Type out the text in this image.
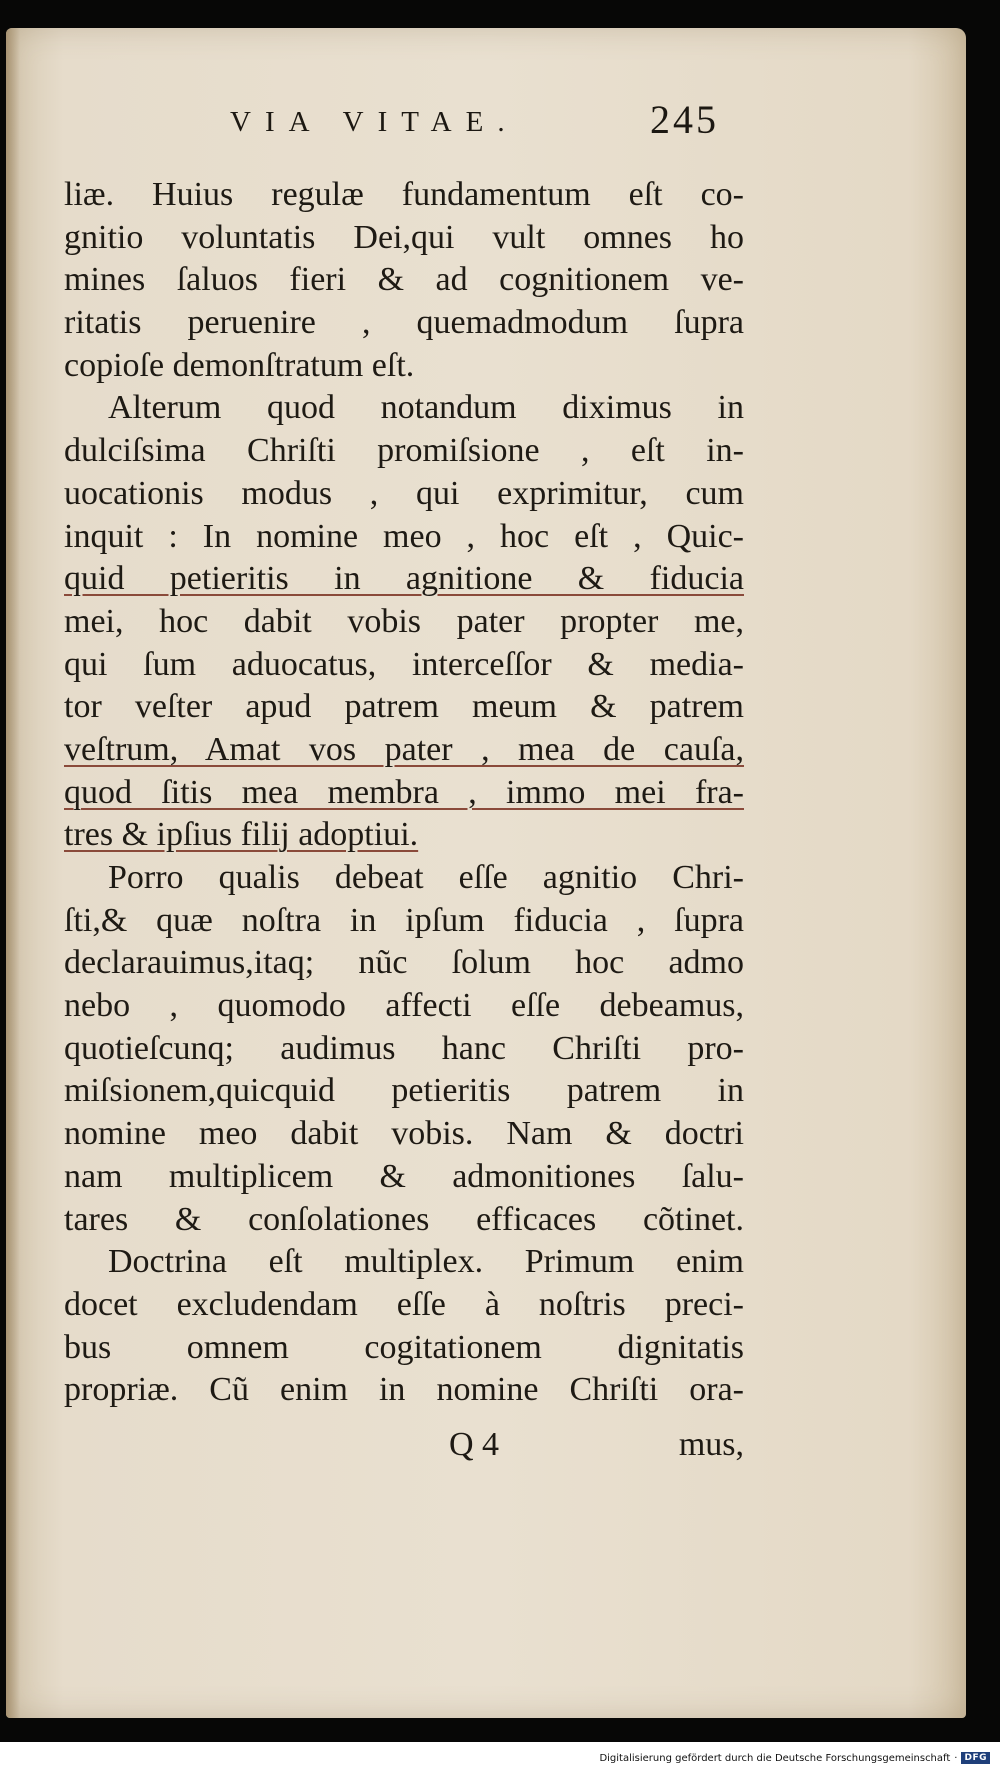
VIA VITAE.	245
liæ. Huius regulæ fundamentum eſt co-
gnitio voluntatis Dei,qui vult omnes ho
mines ſaluos fieri & ad cognitionem ve-
ritatis peruenire , quemadmodum ſupra
copioſe demonſtratum eſt.
Alterum quod notandum diximus in
dulciſsima Chriſti promiſsione , eſt in-
uocationis modus , qui exprimitur, cum
inquit : In nomine meo , hoc eſt , Quic-
quid petieritis in agnitione & fiducia
mei, hoc dabit vobis pater propter me,
qui ſum aduocatus, interceſſor & media-
tor veſter apud patrem meum & patrem
veſtrum, Amat vos pater , mea de cauſa,
quod ſitis mea membra , immo mei fra-
tres & ipſius filij adoptiui.
Porro qualis debeat eſſe agnitio Chri-
ſti,& quæ noſtra in ipſum fiducia , ſupra
declarauimus,itaq; nũc ſolum hoc admo
nebo , quomodo affecti eſſe debeamus,
quotieſcunq; audimus hanc Chriſti pro-
miſsionem,quicquid petieritis patrem in
nomine meo dabit vobis. Nam & doctri
nam multiplicem & admonitiones ſalu-
tares & conſolationes efficaces cõtinet.
Doctrina eſt multiplex. Primum enim
docet excludendam eſſe à noſtris preci-
bus omnem cogitationem dignitatis
propriæ. Cũ enim in nomine Chriſti ora-
Q 4	mus,
Digitalisierung gefördert durch die Deutsche Forschungsgemeinschaft · DFG
